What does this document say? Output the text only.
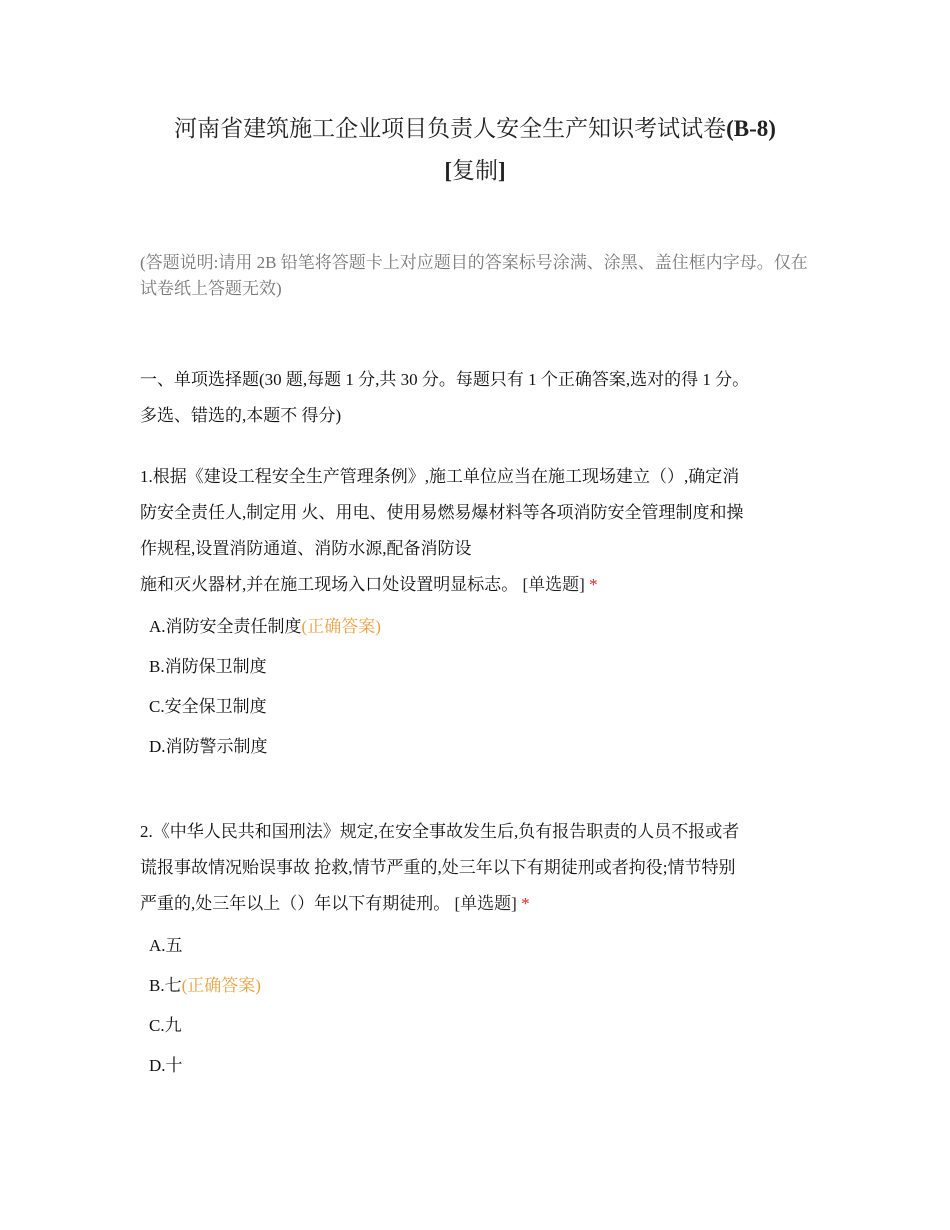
河南省建筑施工企业项目负责人安全生产知识考试试卷(B-8)
[复制]
(答题说明:请用 2B 铅笔将答题卡上对应题目的答案标号涂满、涂黑、盖住框内字母。仅在 试卷纸上答题无效)
一、单项选择题(30 题,每题 1 分,共 30 分。每题只有 1 个正确答案,选对的得 1 分。
多选、错选的,本题不 得分)
1.根据《建设工程安全生产管理条例》,施工单位应当在施工现场建立（）,确定消
防安全责任人,制定用 火、用电、使用易燃易爆材料等各项消防安全管理制度和操
作规程,设置消防通道、消防水源,配备消防设
施和灭火器材,并在施工现场入口处设置明显标志。 [单选题] *
A.消防安全责任制度(正确答案)
B.消防保卫制度
C.安全保卫制度
D.消防警示制度
2.《中华人民共和国刑法》规定,在安全事故发生后,负有报告职责的人员不报或者
谎报事故情况贻误事故 抢救,情节严重的,处三年以下有期徒刑或者拘役;情节特别
严重的,处三年以上（）年以下有期徒刑。 [单选题] *
A.五
B.七(正确答案)
C.九
D.十
